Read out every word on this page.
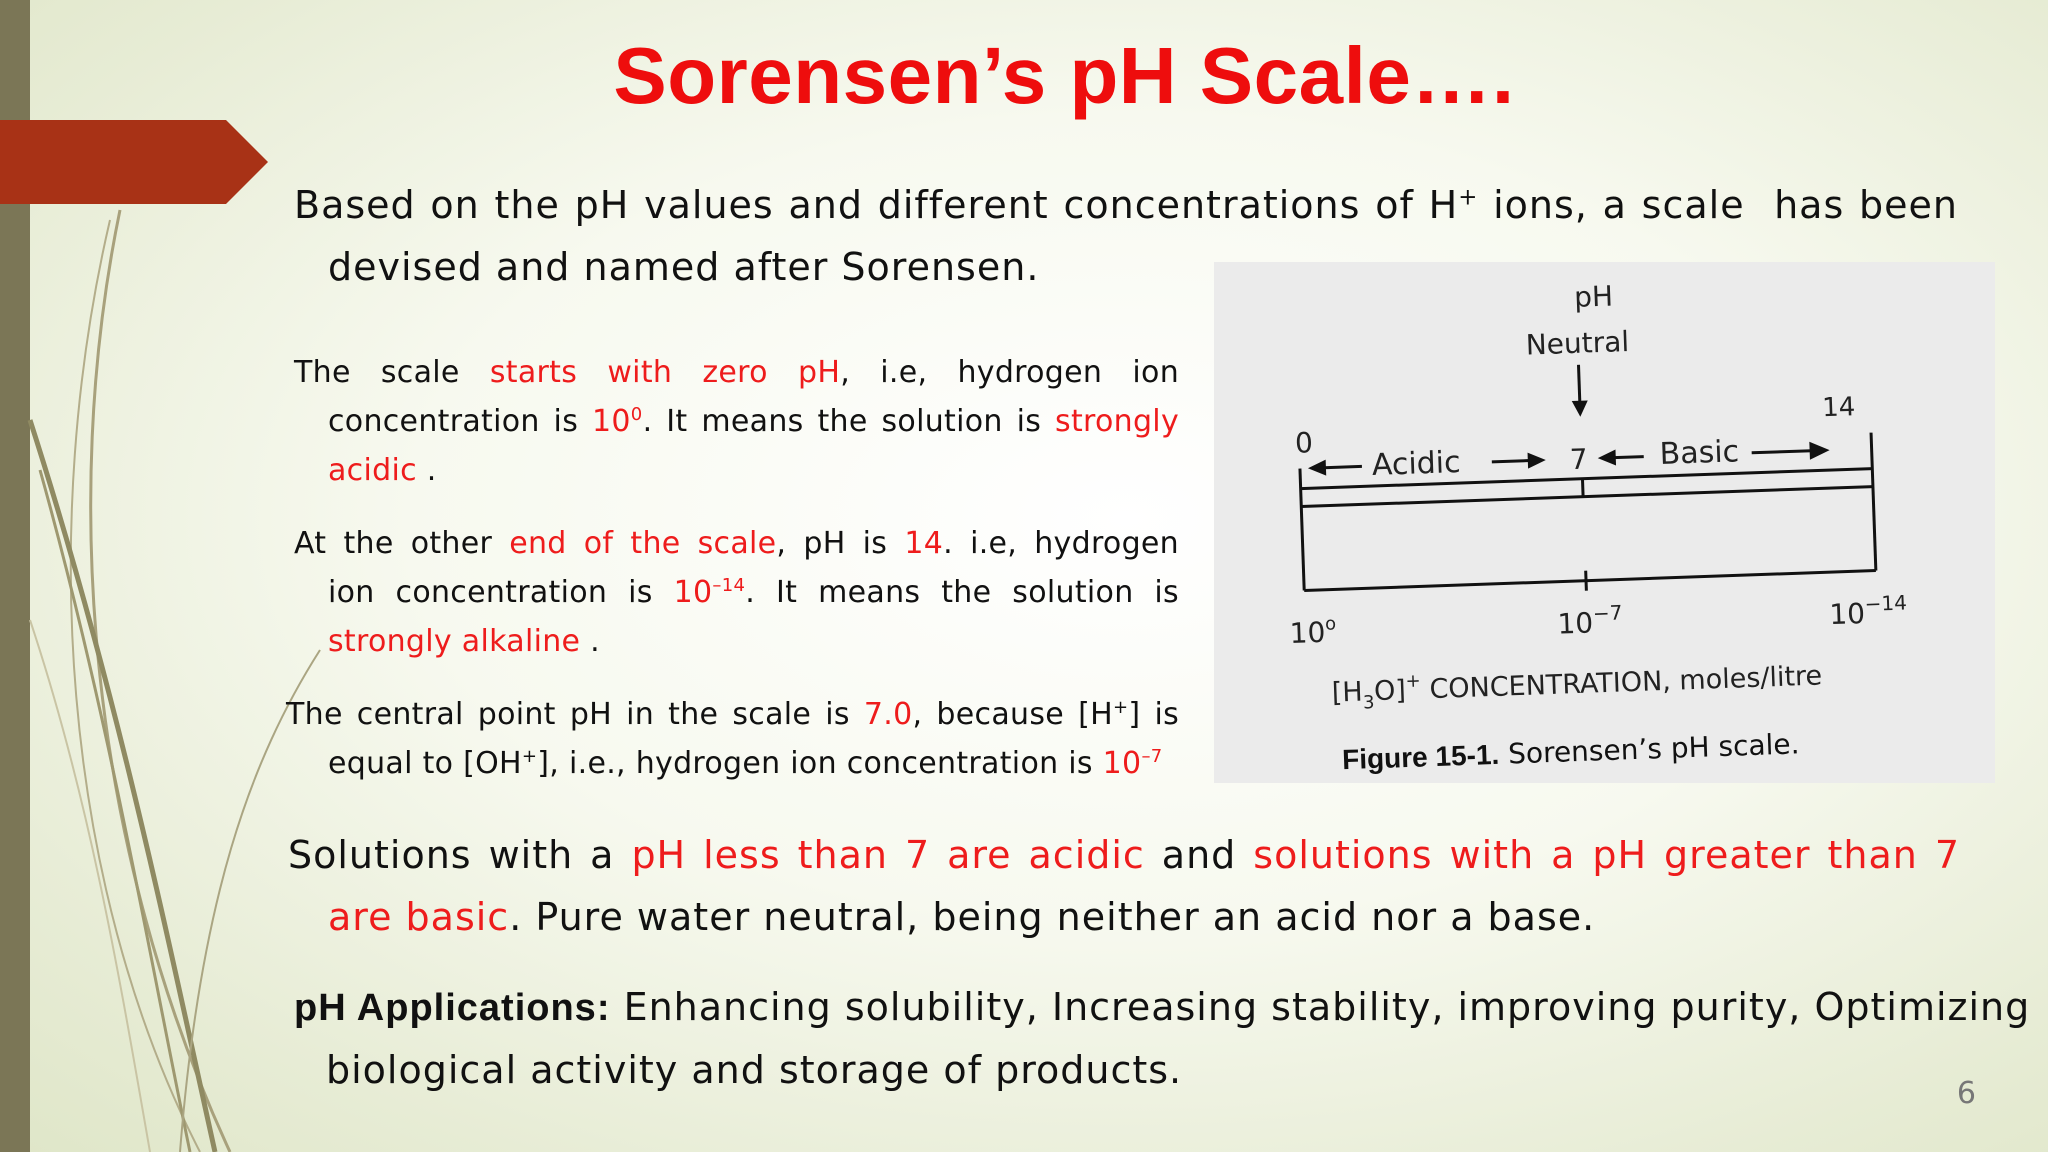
Sorensen’s pH Scale….
Based on the pH values and different concentrations of H+ ions, a scale  has been
devised and named after Sorensen.
The scale starts with zero pH, i.e, hydrogen ion
concentration is $10^0$. It means the solution is strongly
acidic .
At the other end of the scale, pH is 14. i.e, hydrogen
ion concentration is $10^{-14}$. It means the solution is
strongly alkaline .
The central point pH in the scale is 7.0, because [H+] is
equal to [OH+], i.e., hydrogen ion concentration is $10^{-7}$
pH
Neutral
0
Acidic	7 Basic
14
10$^o$	$10^{-7}$	$10^{-14}$
$[H_3O]^+$ CONCENTRATION, moles/litre
Figure 15-1. Sorensen’s pH scale.
Solutions with a pH less than 7 are acidic and solutions with a pH greater than 7
are basic. Pure water neutral, being neither an acid nor a base.
pH Applications: Enhancing solubility, Increasing stability, improving purity, Optimizing
biological activity and storage of products.
6
